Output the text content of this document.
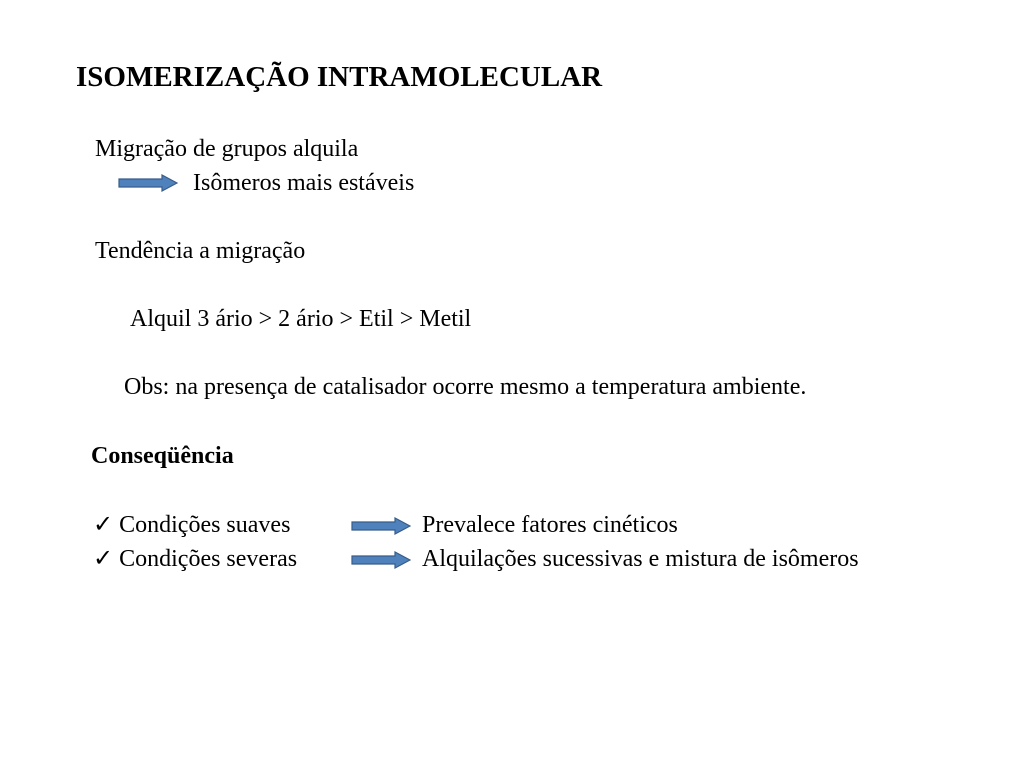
ISOMERIZAÇÃO INTRAMOLECULAR
Migração de grupos alquila
Isômeros mais estáveis
Tendência a migração
Alquil 3 ário > 2 ário > Etil > Metil
Obs: na presença de catalisador ocorre mesmo a temperatura ambiente.
Conseqüência
✓ Condições suaves	Prevalece fatores cinéticos
✓ Condições severas	Alquilações sucessivas e mistura de isômeros
